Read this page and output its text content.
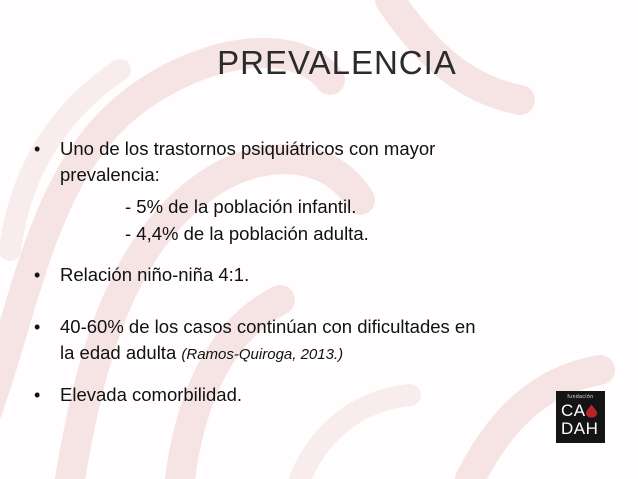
PREVALENCIA
• Uno de los trastornos psiquiátricos con mayor
prevalencia:
- 5% de la población infantil.
- 4,4% de la población adulta.
• Relación niño-niña 4:1.
• 40-60% de los casos continúan con dificultades en
la edad adulta (Ramos-Quiroga, 2013.)
• Elevada comorbilidad.	fundación
CA
DAH
